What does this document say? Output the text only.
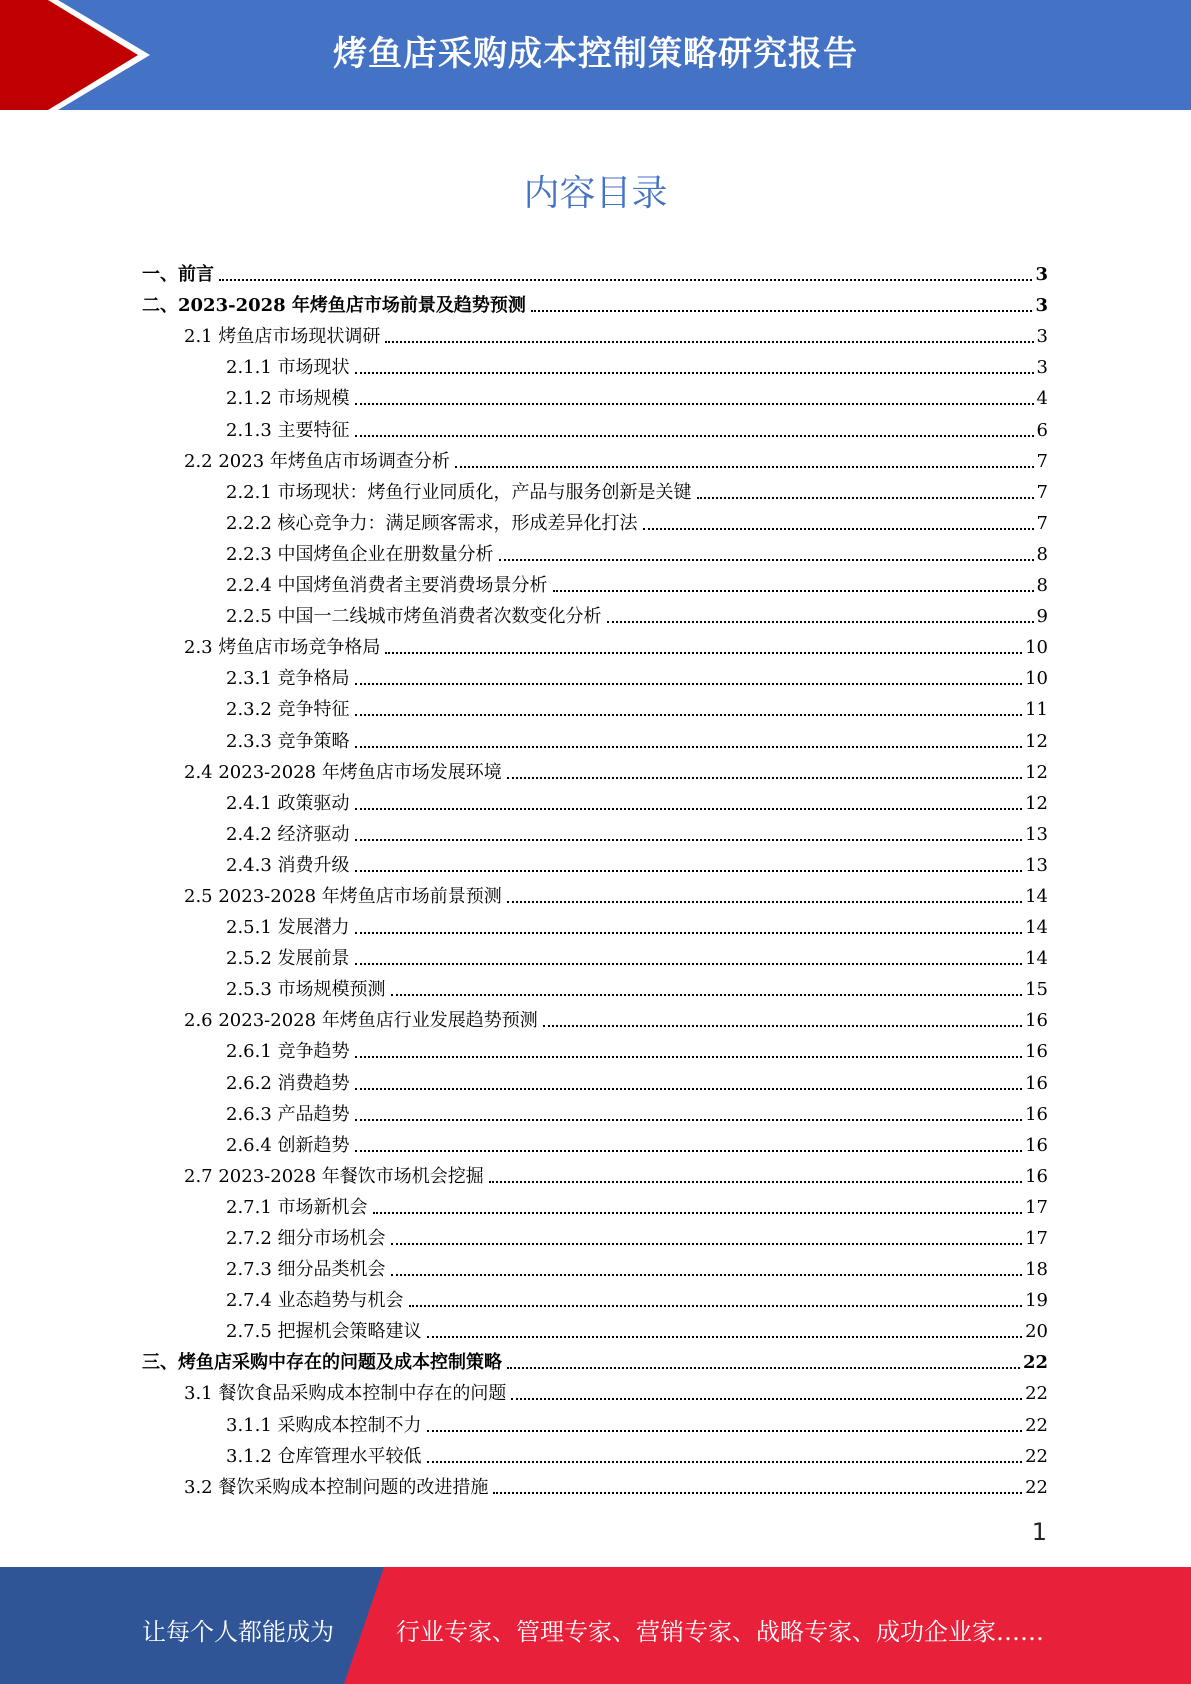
烤鱼店采购成本控制策略研究报告
内容目录
一、前言	3
二、2023-2028 年烤鱼店市场前景及趋势预测	3
2.1 烤鱼店市场现状调研	3
2.1.1 市场现状	3
2.1.2 市场规模	4
2.1.3 主要特征	6
2.2 2023 年烤鱼店市场调查分析	7
2.2.1 市场现状：烤鱼行业同质化，产品与服务创新是关键	7
2.2.2 核心竞争力：满足顾客需求，形成差异化打法	7
2.2.3 中国烤鱼企业在册数量分析	8
2.2.4 中国烤鱼消费者主要消费场景分析	8
2.2.5 中国一二线城市烤鱼消费者次数变化分析	9
2.3 烤鱼店市场竞争格局	10
2.3.1 竞争格局	10
2.3.2 竞争特征	11
2.3.3 竞争策略	12
2.4 2023-2028 年烤鱼店市场发展环境	12
2.4.1 政策驱动	12
2.4.2 经济驱动	13
2.4.3 消费升级	13
2.5 2023-2028 年烤鱼店市场前景预测	14
2.5.1 发展潜力	14
2.5.2 发展前景	14
2.5.3 市场规模预测	15
2.6 2023-2028 年烤鱼店行业发展趋势预测	16
2.6.1 竞争趋势	16
2.6.2 消费趋势	16
2.6.3 产品趋势	16
2.6.4 创新趋势	16
2.7 2023-2028 年餐饮市场机会挖掘	16
2.7.1 市场新机会	17
2.7.2 细分市场机会	17
2.7.3 细分品类机会	18
2.7.4 业态趋势与机会	19
2.7.5 把握机会策略建议	20
三、烤鱼店采购中存在的问题及成本控制策略	22
3.1 餐饮食品采购成本控制中存在的问题	22
3.1.1 采购成本控制不力	22
3.1.2 仓库管理水平较低	22
3.2 餐饮采购成本控制问题的改进措施	22
1
让每个人都能成为	行业专家、管理专家、营销专家、战略专家、成功企业家……
